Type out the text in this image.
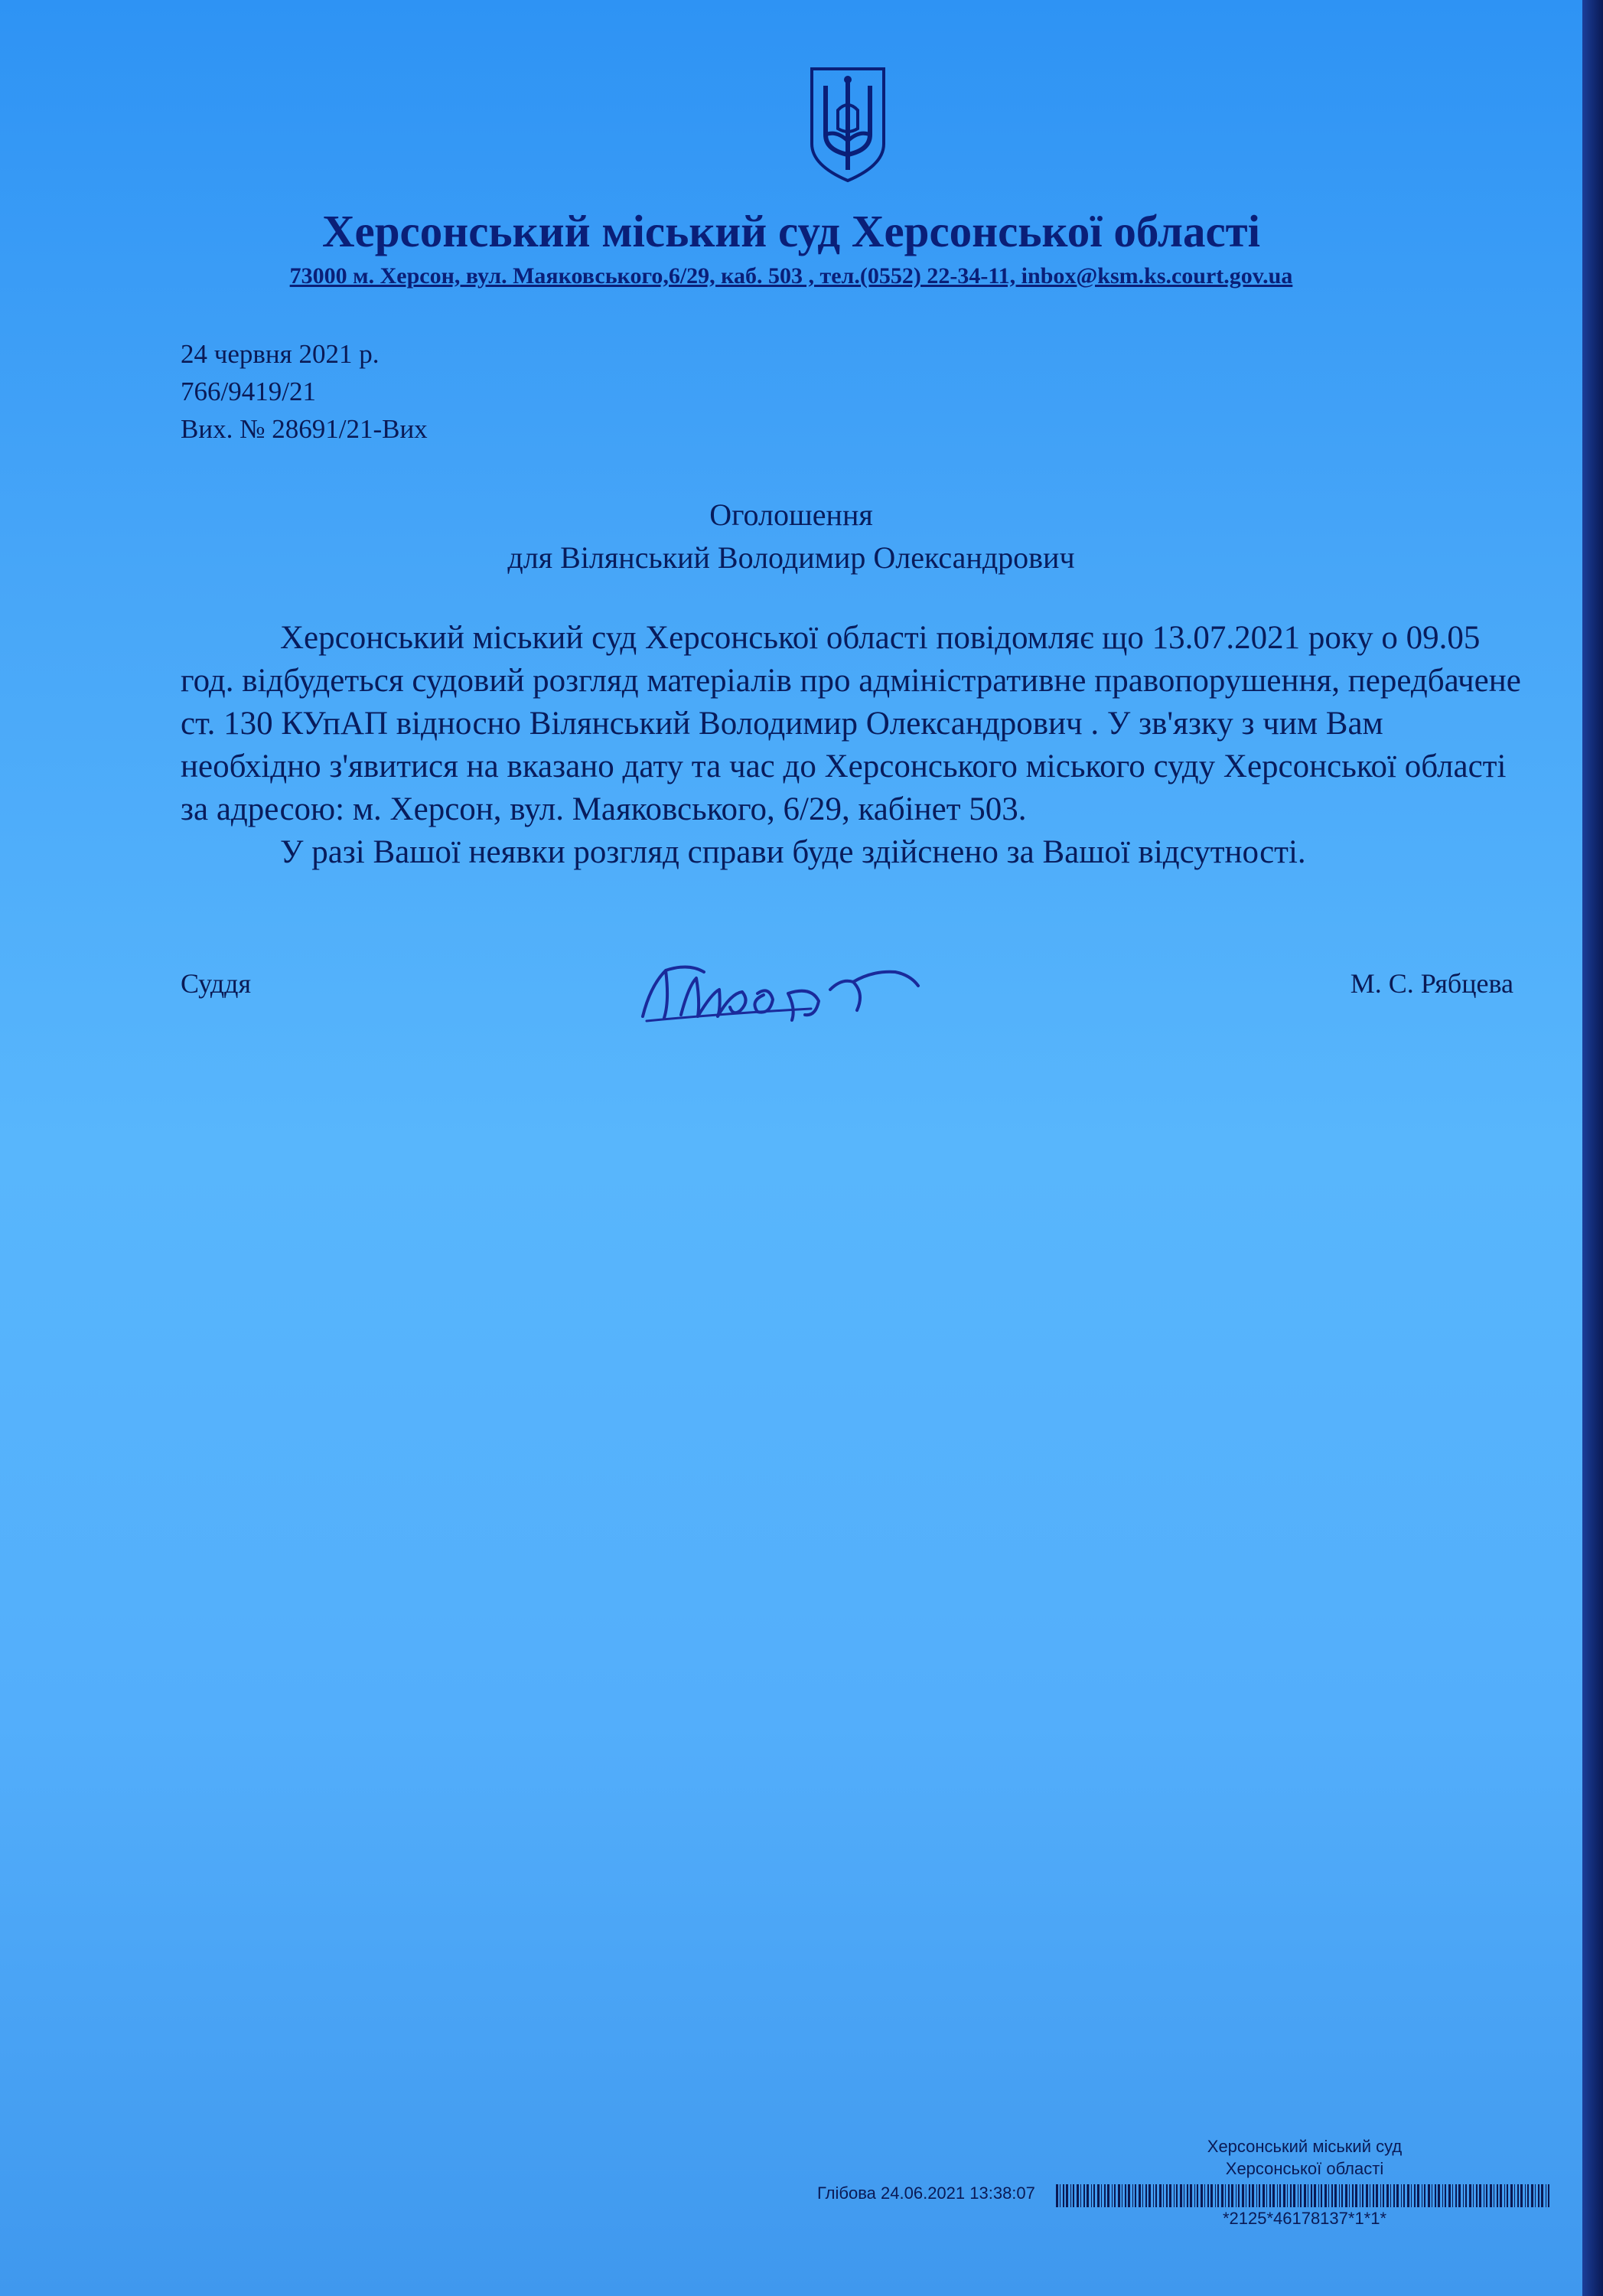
Херсонський міський суд Херсонської області
73000 м. Херсон, вул. Маяковського,6/29, каб. 503 , тел.(0552) 22-34-11, inbox@ksm.ks.court.gov.ua
24 червня 2021 р.
766/9419/21
Вих. № 28691/21-Вих
Оголошення
для Вілянський Володимир Олександрович

Херсонський міський суд Херсонської області повідомляє що 13.07.2021 року о 09.05 год. відбудеться судовий розгляд матеріалів про адміністративне правопорушення, передбачене ст. 130 КУпАП відносно Вілянський Володимир Олександрович . У зв'язку з чим Вам необхідно з'явитися на вказано дату та час до Херсонського міського суду Херсонської області за адресою: м. Херсон, вул. Маяковського, 6/29, кабінет 503.

У разі Вашої неявки розгляд справи буде здійснено за Вашої відсутності.

Суддя	М. С. Рябцева
Херсонський міський суд
Херсонської області
Глібова 24.06.2021 13:38:07
*2125*46178137*1*1*
